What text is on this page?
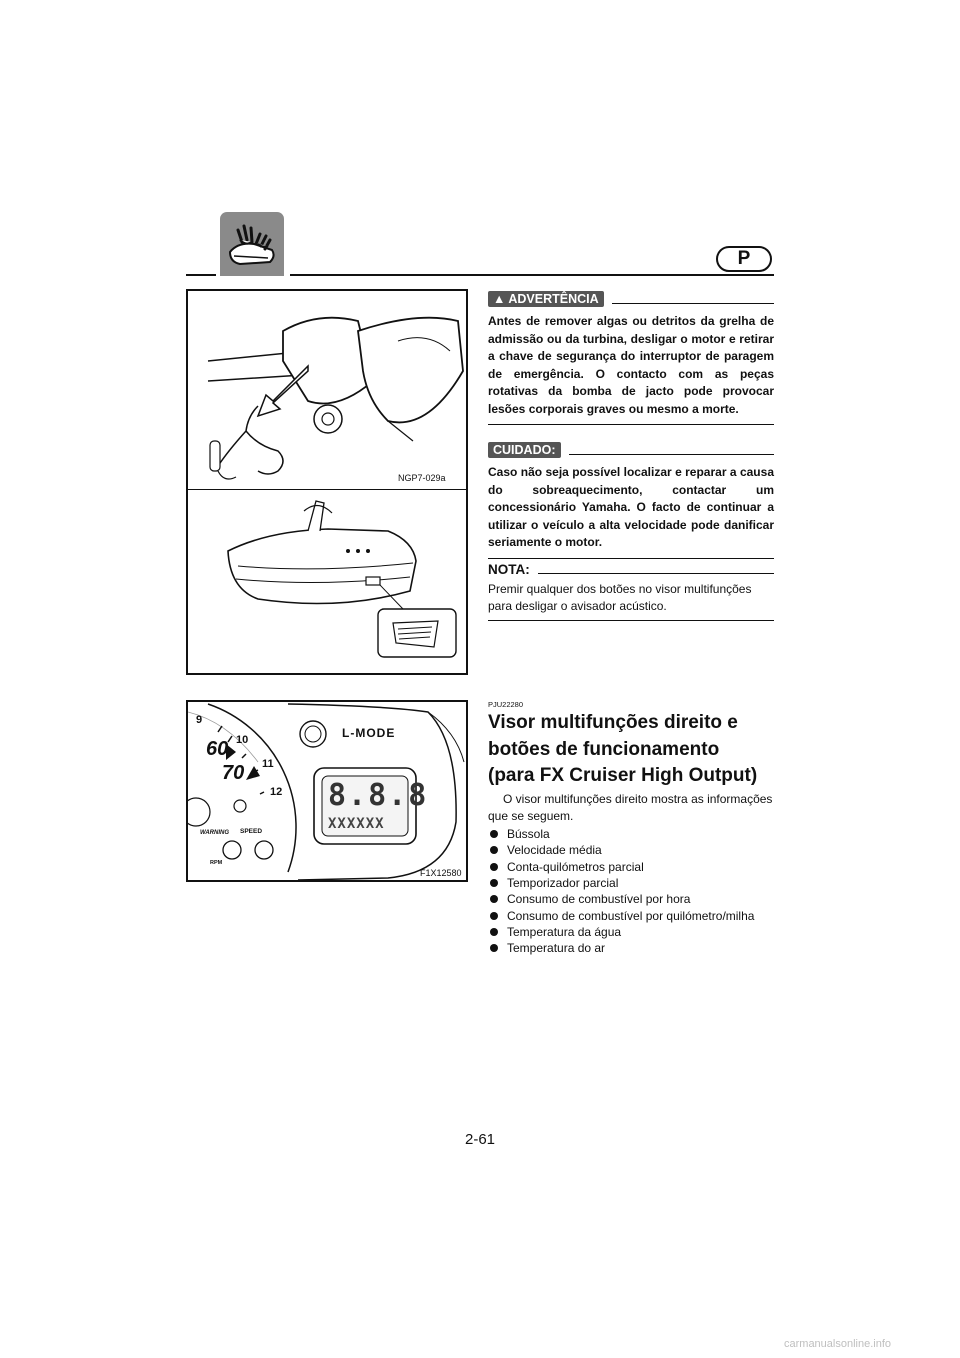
P
NGP7-029a
▲ ADVERTÊNCIA

Antes de remover algas ou detritos da grelha de admissão ou da turbina, desligar o motor e retirar a chave de segurança do interruptor de paragem de emergência. O contacto com as peças rotativas da bomba de jacto pode provocar lesões corporais graves ou mesmo a morte.

CUIDADO:

Caso não seja possível localizar e reparar a causa do sobreaquecimento, contactar um concessionário Yamaha. O facto de continuar a utilizar o veículo a alta velocidade pode danificar seriamente o motor.

NOTA:

Premir qualquer dos botões no visor multifunções para desligar o avisador acústico.

9
10
11
12
60
70
L-MODE
8.8.8
XXXXXX
WARNING SPEED
RPM
F1X12580
PJU22280
Visor multifunções direito e
botões de funcionamento
(para FX Cruiser High Output)

O visor multifunções direito mostra as informações que se seguem.

Bússola
Velocidade média
Conta-quilómetros parcial
Temporizador parcial
Consumo de combustível por hora
Consumo de combustível por quilómetro/milha
Temperatura da água
Temperatura do ar
2-61
carmanualsonline.info
